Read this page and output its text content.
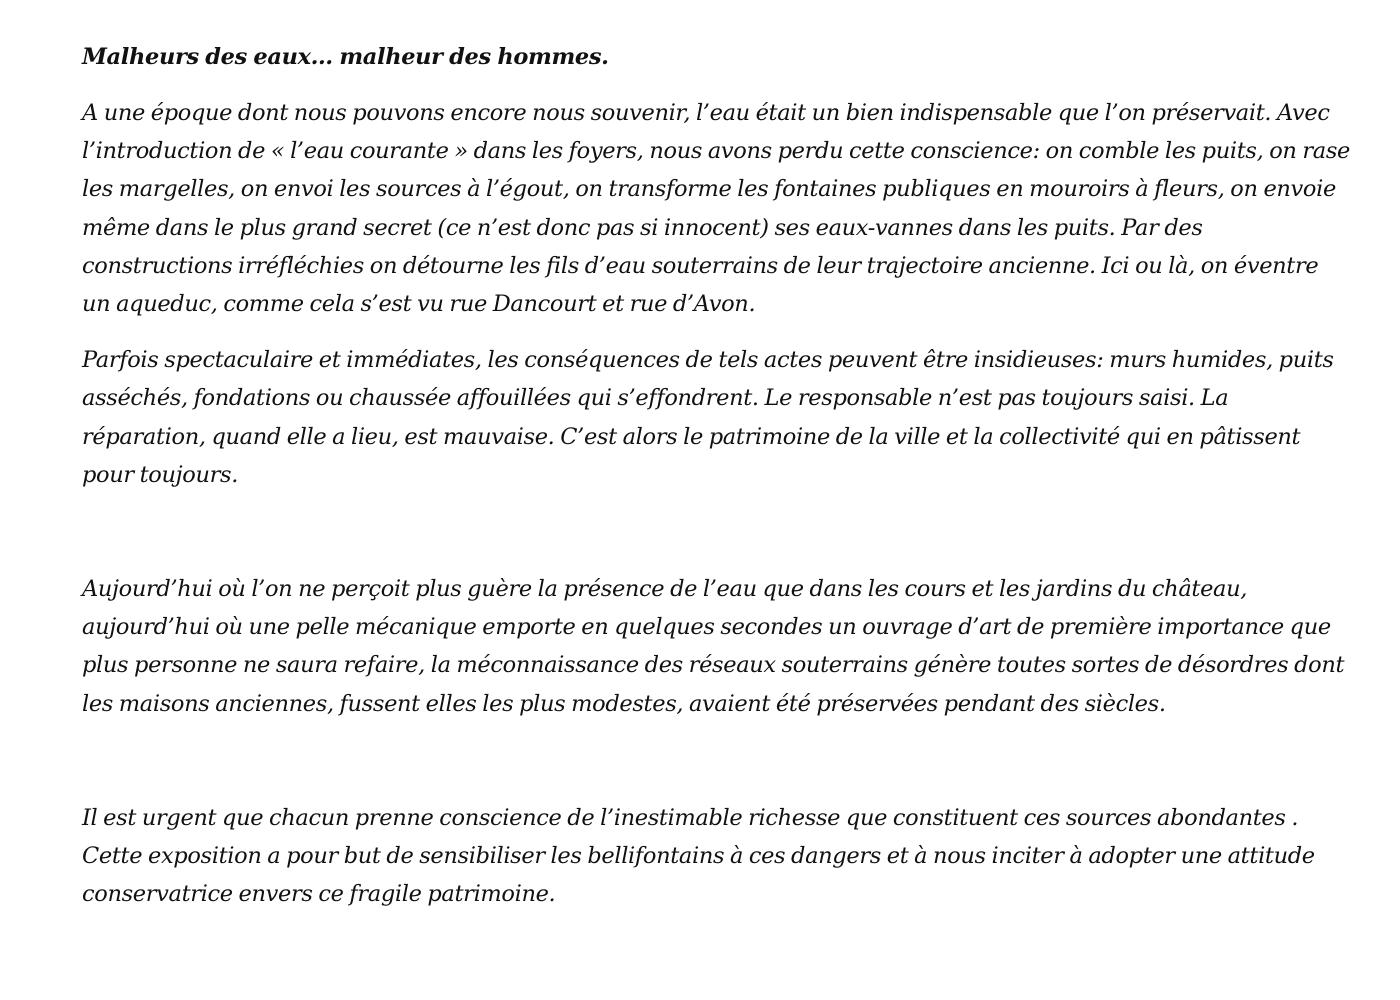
Malheurs des eaux… malheur des hommes.

A une époque dont nous pouvons encore nous souvenir, l’eau était un bien indispensable que l’on préservait. Avec l’introduction de « l’eau courante » dans les foyers, nous avons perdu cette conscience: on comble les puits, on rase les margelles, on envoi les sources à l’égout, on transforme les fontaines publiques en mouroirs à fleurs, on envoie même dans le plus grand secret (ce n’est donc pas si innocent) ses eaux-vannes dans les puits. Par des constructions irréfléchies on détourne les fils d’eau souterrains de leur trajectoire ancienne. Ici ou là, on éventre un aqueduc, comme cela s’est vu rue Dancourt et rue d’Avon.

Parfois spectaculaire et immédiates, les conséquences de tels actes peuvent être insidieuses: murs humides, puits asséchés, fondations ou chaussée affouillées qui s’effondrent. Le responsable n’est pas toujours saisi. La réparation, quand elle a lieu, est mauvaise. C’est alors le patrimoine de la ville et la collectivité qui en pâtissent pour toujours.

Aujourd’hui où l’on ne perçoit plus guère la présence de l’eau que dans les cours et les jardins du château, aujourd’hui où une pelle mécanique emporte en quelques secondes un ouvrage d’art de première importance que plus personne ne saura refaire, la méconnaissance des réseaux souterrains génère toutes sortes de désordres dont les maisons anciennes, fussent elles les plus modestes, avaient été préservées pendant des siècles.

Il est urgent que chacun prenne conscience de l’inestimable richesse que constituent ces sources abondantes . Cette exposition a pour but de sensibiliser les bellifontains à ces dangers et à nous inciter à adopter une attitude conservatrice envers ce fragile patrimoine.
